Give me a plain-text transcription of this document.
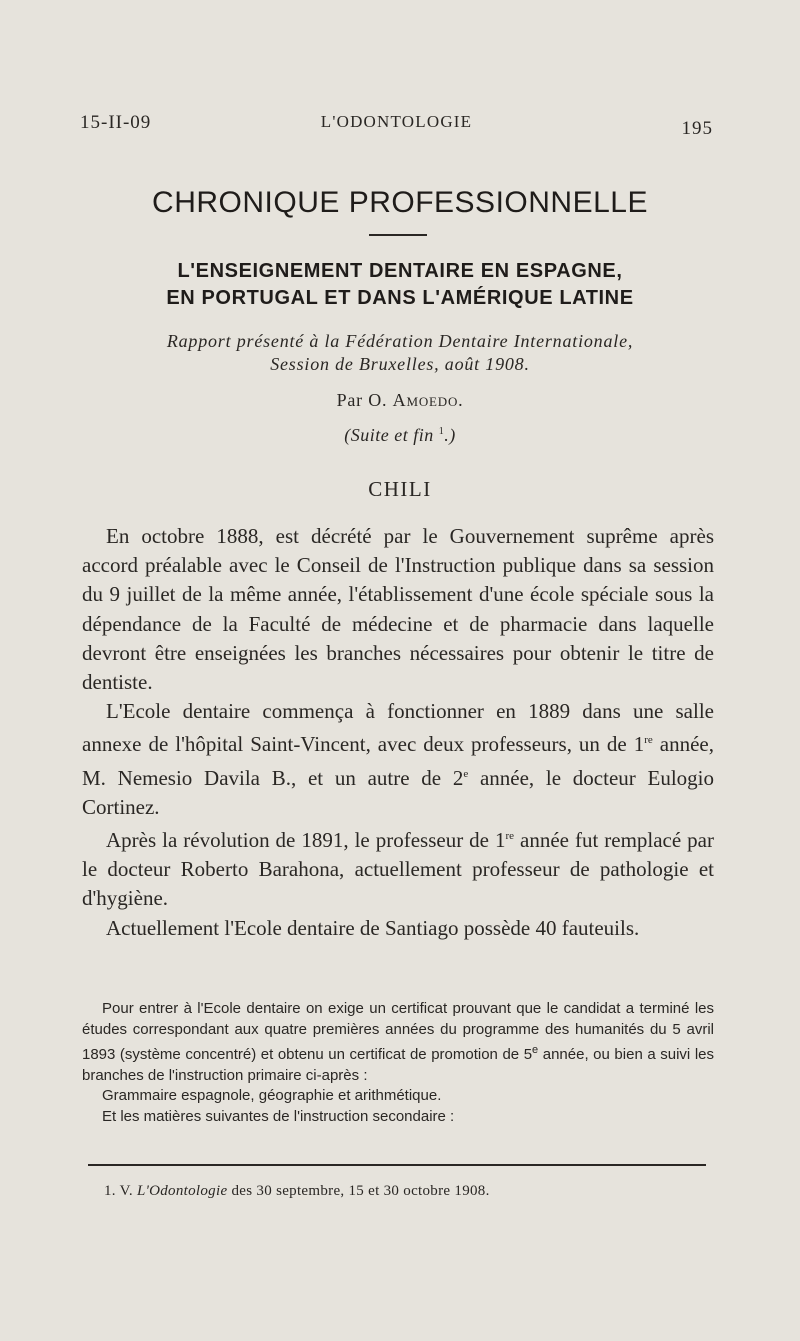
15-II-09	L'ODONTOLOGIE	195
CHRONIQUE PROFESSIONNELLE
L'ENSEIGNEMENT DENTAIRE EN ESPAGNE,
EN PORTUGAL ET DANS L'AMÉRIQUE LATINE
Rapport présenté à la Fédération Dentaire Internationale,
Session de Bruxelles, août 1908.
Par O. Amoedo.
(Suite et fin $^1$.)
CHILI

En octobre 1888, est décrété par le Gouvernement suprême après accord préalable avec le Conseil de l'Instruction publique dans sa session du 9 juillet de la même année, l'établissement d'une école spéciale sous la dépendance de la Faculté de médecine et de pharmacie dans laquelle devront être enseignées les branches nécessaires pour obtenir le titre de dentiste.

L'Ecole dentaire commença à fonctionner en 1889 dans une salle annexe de l'hôpital Saint-Vincent, avec deux professeurs, un de 1re année, M. Nemesio Davila B., et un autre de 2e année, le docteur Eulogio Cortinez.

Après la révolution de 1891, le professeur de 1re année fut remplacé par le docteur Roberto Barahona, actuellement professeur de pathologie et d'hygiène.

Actuellement l'Ecole dentaire de Santiago possède 40 fauteuils.

Pour entrer à l'Ecole dentaire on exige un certificat prouvant que le candidat a terminé les études correspondant aux quatre premières années du programme des humanités du 5 avril 1893 (système concentré) et obtenu un certificat de promotion de 5e année, ou bien a suivi les branches de l'instruction primaire ci-après :

Grammaire espagnole, géographie et arithmétique.

Et les matières suivantes de l'instruction secondaire :

1. V. L'Odontologie des 30 septembre, 15 et 30 octobre 1908.
